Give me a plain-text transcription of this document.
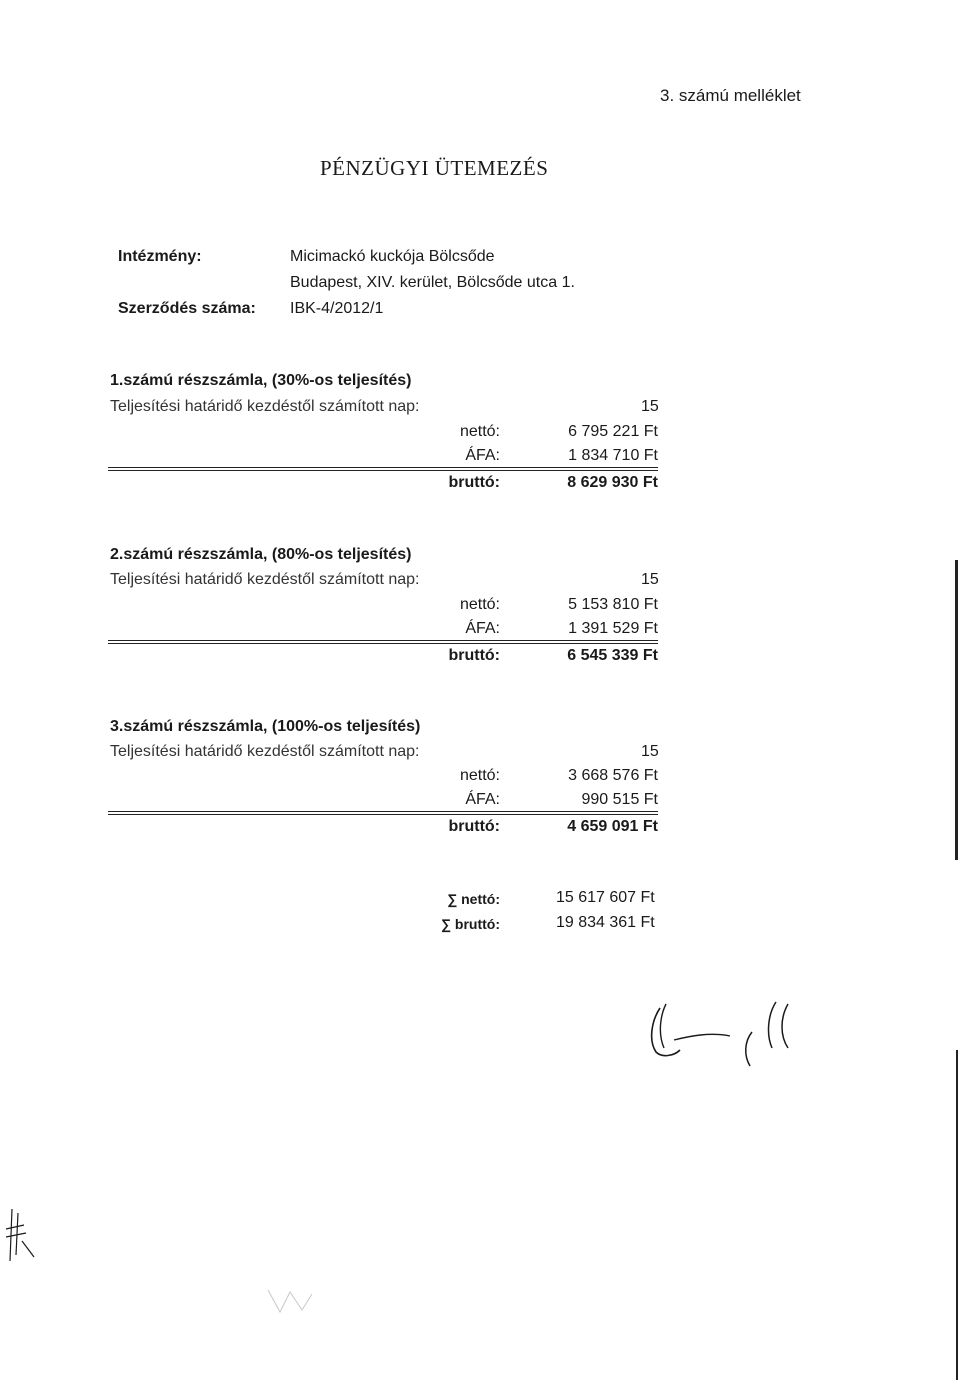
3. számú melléklet
PÉNZÜGYI ÜTEMEZÉS
Intézmény:	Micimackó kuckója Bölcsőde
Budapest, XIV. kerület, Bölcsőde utca 1.
Szerződés száma: IBK-4/2012/1
1.számú részszámla, (30%-os teljesítés)
Teljesítési határidő kezdéstől számított nap:	15
nettó:	6 795 221 Ft
ÁFA:	1 834 710 Ft
bruttó:	8 629 930 Ft
2.számú részszámla, (80%-os teljesítés)
Teljesítési határidő kezdéstől számított nap:	15
nettó:	5 153 810 Ft
ÁFA:	1 391 529 Ft
bruttó:	6 545 339 Ft
3.számú részszámla, (100%-os teljesítés)
Teljesítési határidő kezdéstől számított nap:	15
nettó:	3 668 576 Ft
ÁFA:	990 515 Ft
bruttó:	4 659 091 Ft
∑ nettó:	15 617 607 Ft
∑ bruttó:	19 834 361 Ft
